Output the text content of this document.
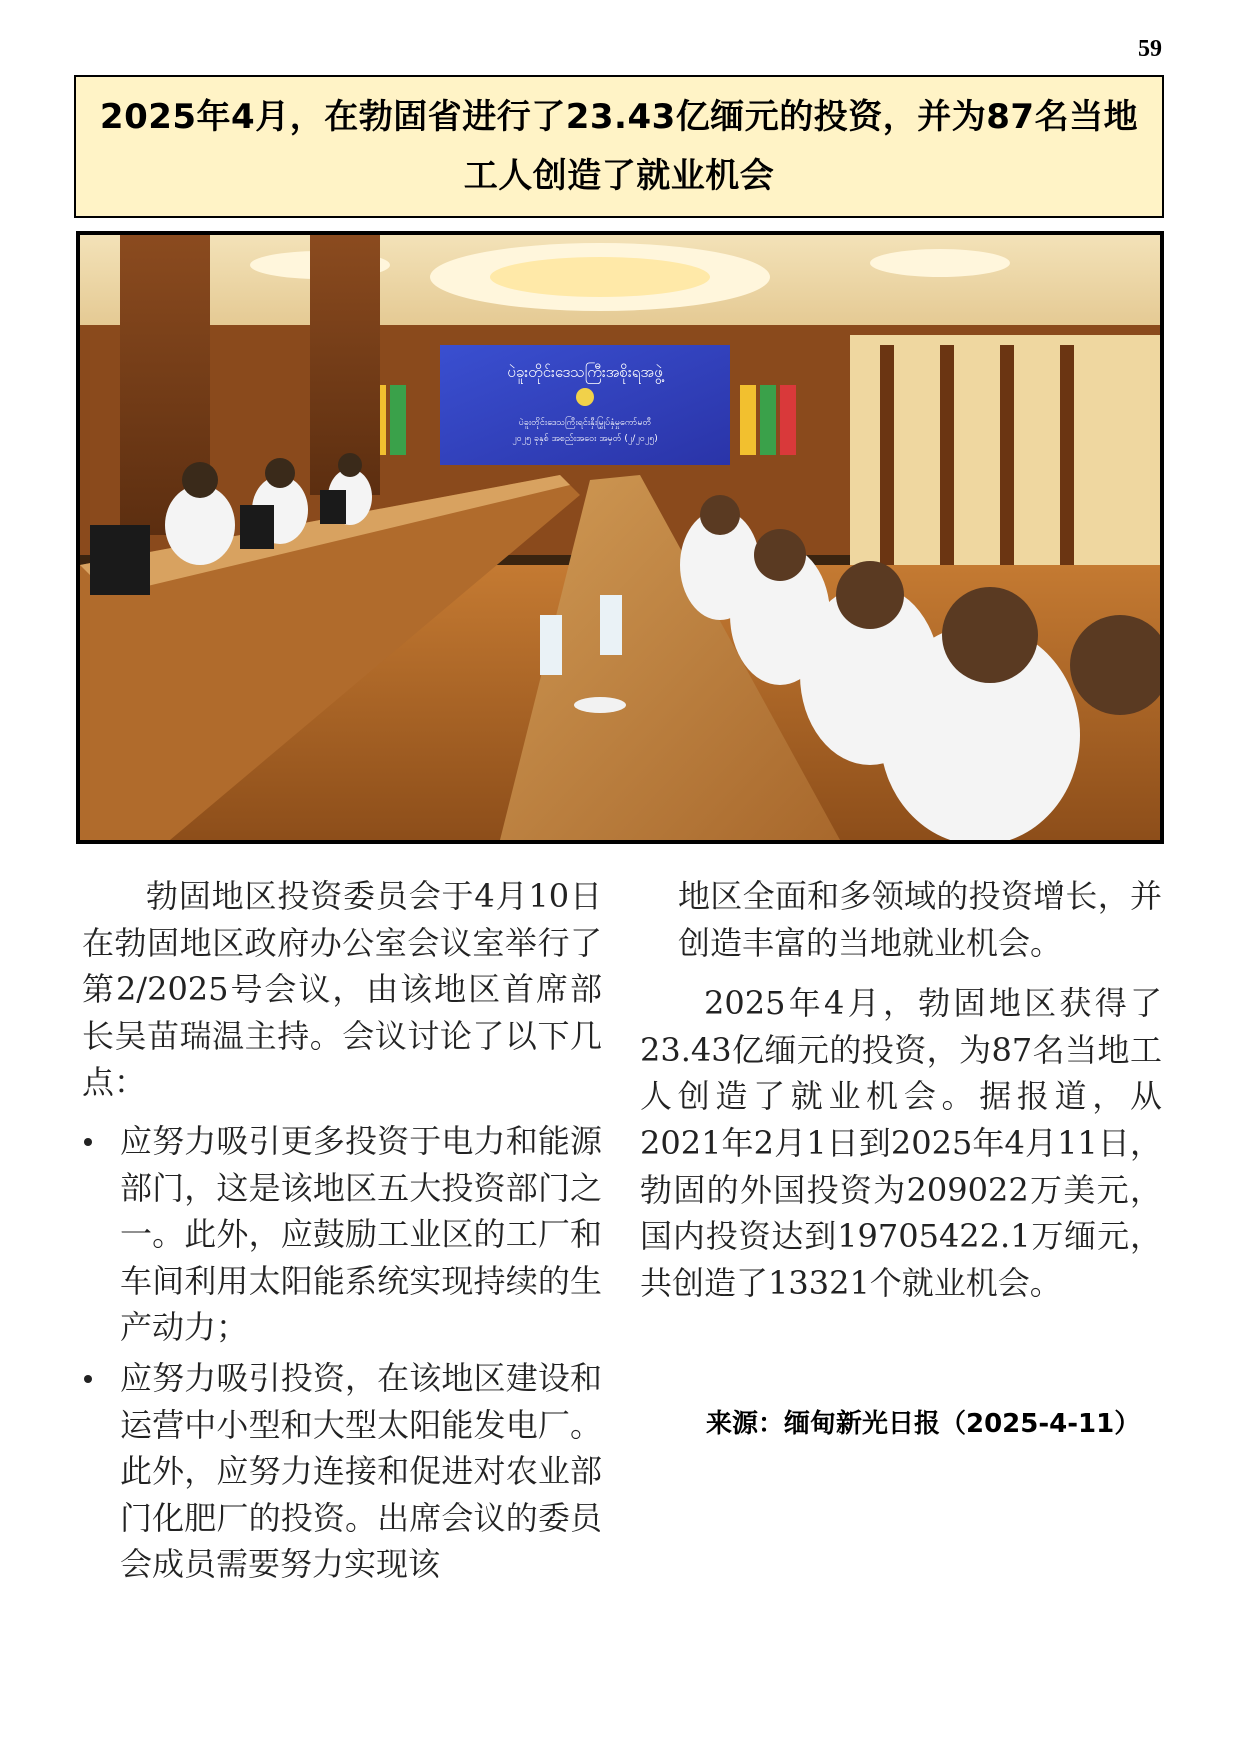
59
2025年4月，在勃固省进行了23.43亿缅元的投资，并为87名当地工人创造了就业机会
ပဲခူးတိုင်းဒေသကြီးအစိုးရအဖွဲ့
ပဲခူးတိုင်းဒေသကြီးရင်းနှီးမြှုပ်နှံမှုကော်မတီ
၂၀၂၅ ခုနှစ် အစည်းအဝေး အမှတ် (၂/၂၀၂၅)

勃固地区投资委员会于4月10日在勃固地区政府办公室会议室举行了第2/2025号会议，由该地区首席部长吴苗瑞温主持。会议讨论了以下几点：

应努力吸引更多投资于电力和能源部门，这是该地区五大投资部门之一。此外，应鼓励工业区的工厂和车间利用太阳能系统实现持续的生产动力；
应努力吸引投资，在该地区建设和运营中小型和大型太阳能发电厂。此外，应努力连接和促进对农业部门化肥厂的投资。出席会议的委员会成员需要努力实现该

地区全面和多领域的投资增长，并创造丰富的当地就业机会。

2025年4月，勃固地区获得了23.43亿缅元的投资，为87名当地工人创造了就业机会。据报道，从2021年2月1日到2025年4月11日，勃固的外国投资为209022万美元，国内投资达到19705422.1万缅元，共创造了13321个就业机会。

来源：缅甸新光日报（2025-4-11）
